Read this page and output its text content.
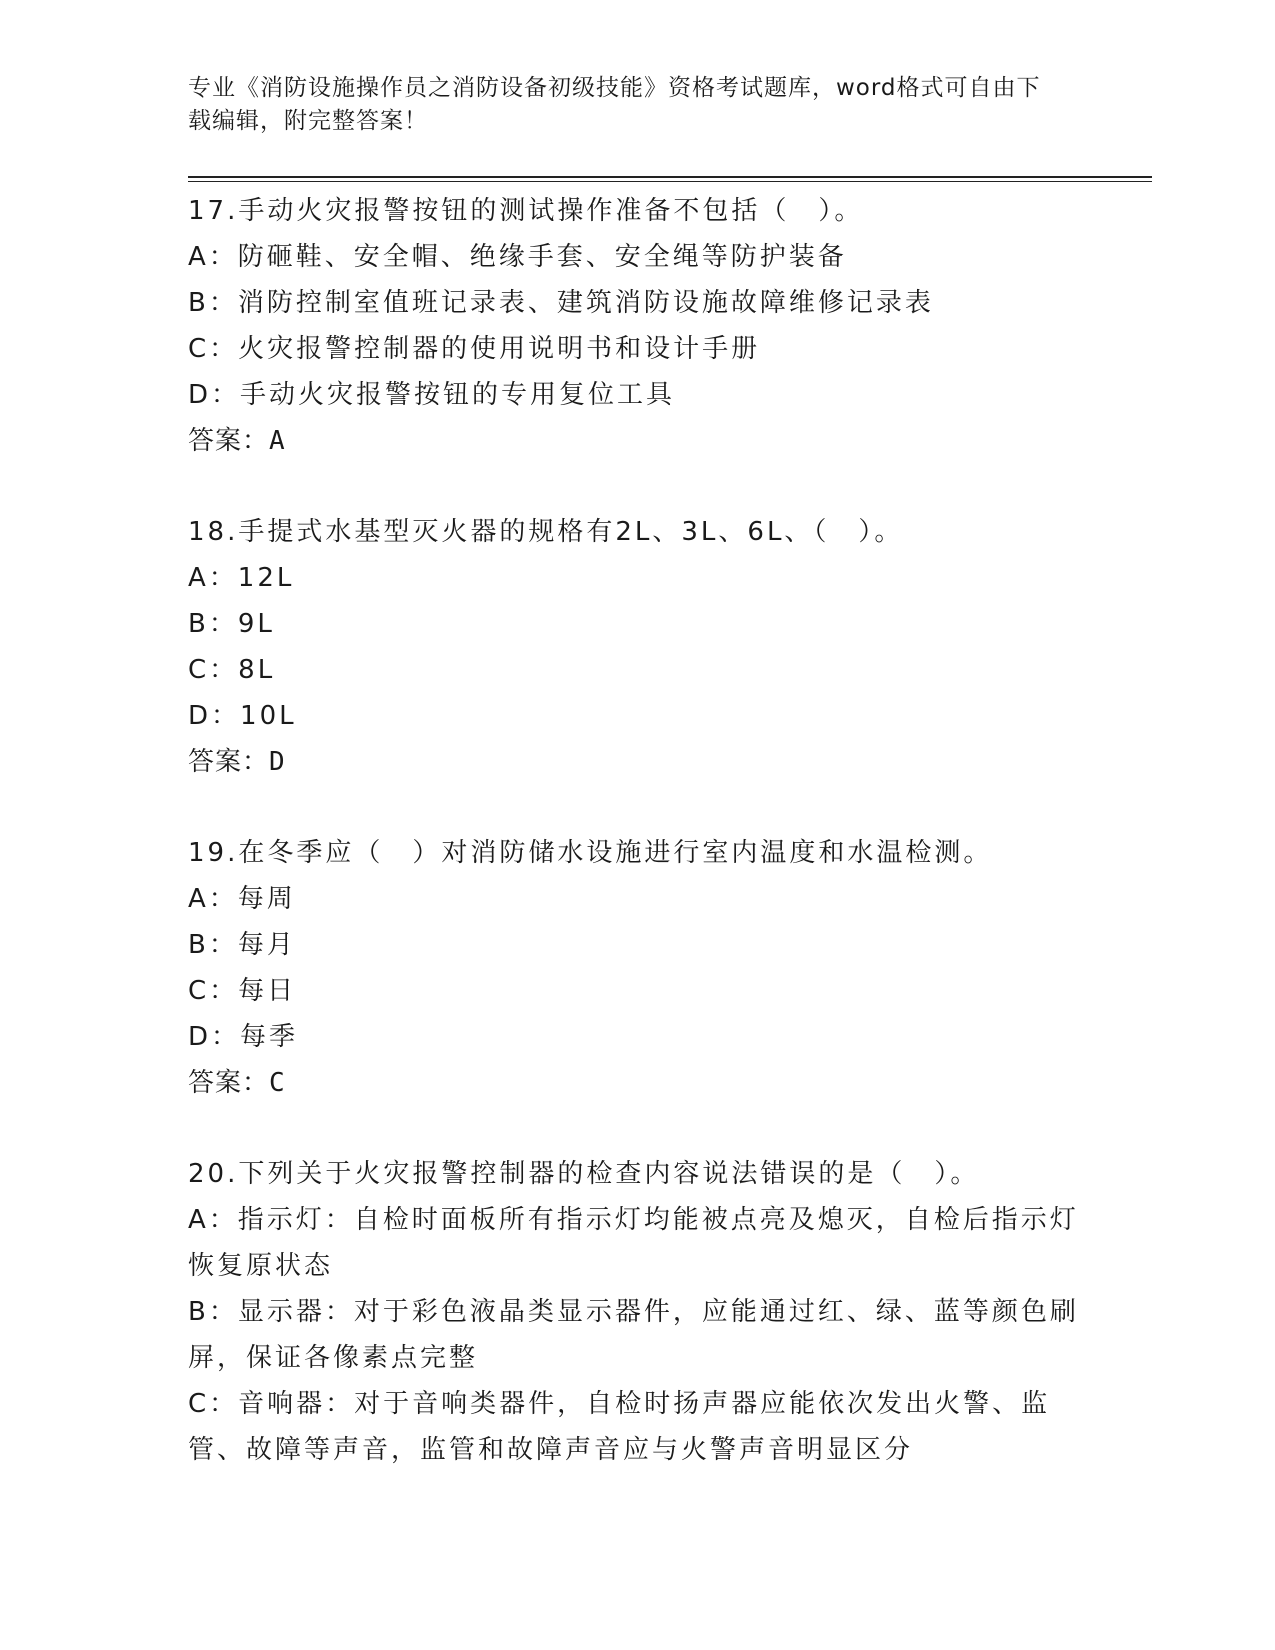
专业《消防设施操作员之消防设备初级技能》资格考试题库，word格式可自由下
载编辑，附完整答案！
17.手动火灾报警按钮的测试操作准备不包括（　）。
A：防砸鞋、安全帽、绝缘手套、安全绳等防护装备
B：消防控制室值班记录表、建筑消防设施故障维修记录表
C：火灾报警控制器的使用说明书和设计手册
D：手动火灾报警按钮的专用复位工具
答案：A
18.手提式水基型灭火器的规格有2L、3L、6L、（　）。
A：12L
B：9L
C：8L
D：10L
答案：D
19.在冬季应（　）对消防储水设施进行室内温度和水温检测。
A：每周
B：每月
C：每日
D：每季
答案：C
20.下列关于火灾报警控制器的检查内容说法错误的是（　）。
A：指示灯：自检时面板所有指示灯均能被点亮及熄灭，自检后指示灯恢复原状态
B：显示器：对于彩色液晶类显示器件，应能通过红、绿、蓝等颜色刷屏，保证各像素点完整
C：音响器：对于音响类器件，自检时扬声器应能依次发出火警、监管、故障等声音，监管和故障声音应与火警声音明显区分
